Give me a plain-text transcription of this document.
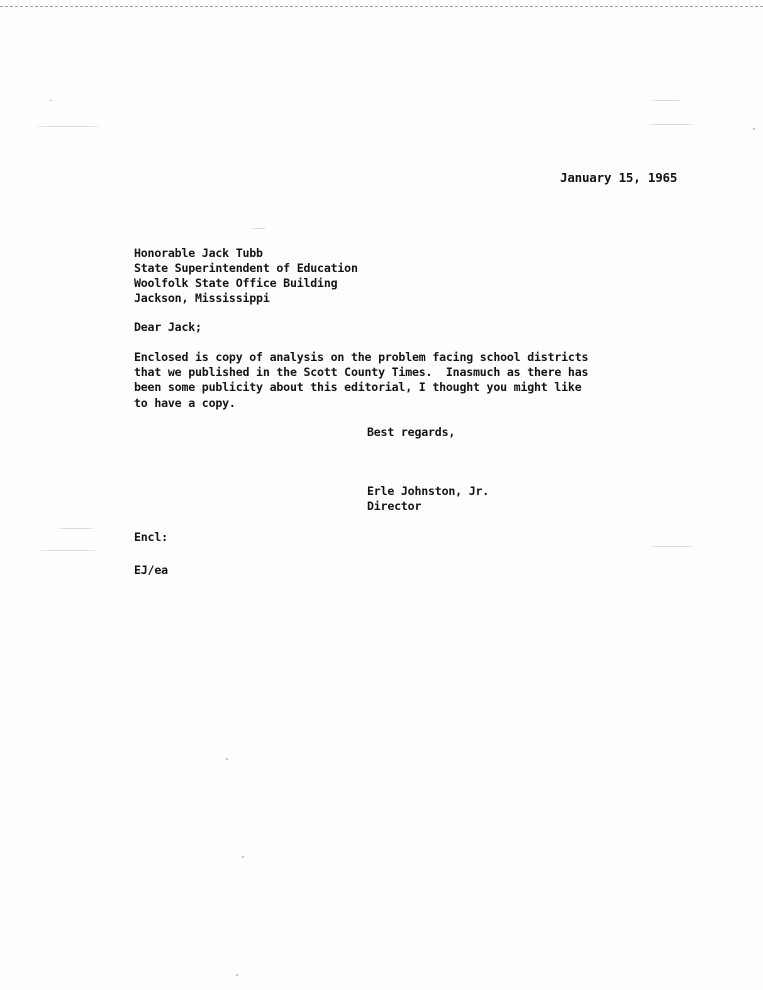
January 15, 1965
Honorable Jack Tubb
State Superintendent of Education
Woolfolk State Office Building
Jackson, Mississippi
Dear Jack;
Enclosed is copy of analysis on the problem facing school districts
that we published in the Scott County Times.  Inasmuch as there has
been some publicity about this editorial, I thought you might like
to have a copy.
Best regards,
Erle Johnston, Jr.
Director
Encl:
EJ/ea
